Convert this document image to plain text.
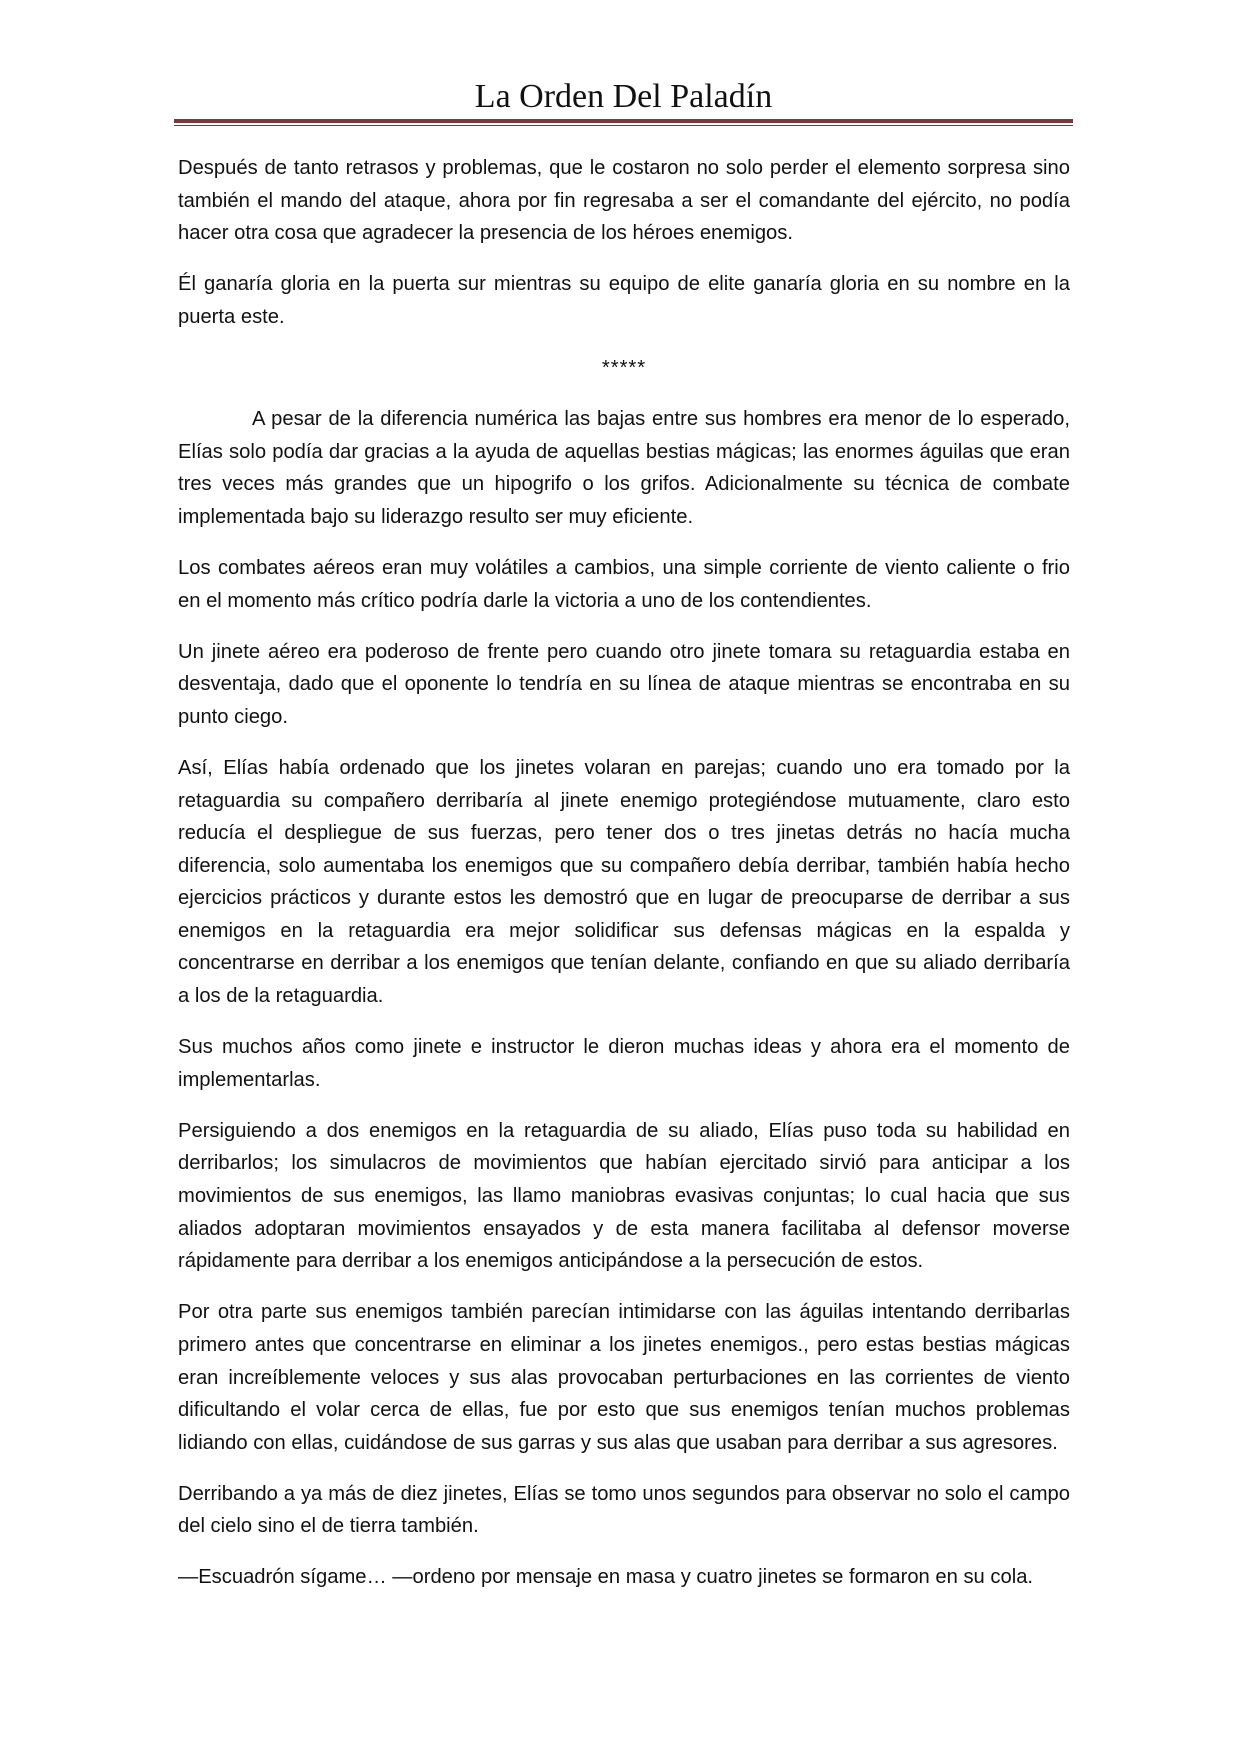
La Orden Del Paladín

Después de tanto retrasos y problemas, que le costaron no solo perder el elemento sorpresa sino también el mando del ataque, ahora por fin regresaba a ser el comandante del ejército, no podía hacer otra cosa que agradecer la presencia de los héroes enemigos.

Él ganaría gloria en la puerta sur mientras su equipo de elite ganaría gloria en su nombre en la puerta este.

*****

A pesar de la diferencia numérica las bajas entre sus hombres era menor de lo esperado, Elías solo podía dar gracias a la ayuda de aquellas bestias mágicas; las enormes águilas que eran tres veces más grandes que un hipogrifo o los grifos. Adicionalmente su técnica de combate implementada bajo su liderazgo resulto ser muy eficiente.

Los combates aéreos eran muy volátiles a cambios, una simple corriente de viento caliente o frio en el momento más crítico podría darle la victoria a uno de los contendientes.

Un jinete aéreo era poderoso de frente pero cuando otro jinete tomara su retaguardia estaba en desventaja, dado que el oponente lo tendría en su línea de ataque mientras se encontraba en su punto ciego.

Así, Elías había ordenado que los jinetes volaran en parejas; cuando uno era tomado por la retaguardia su compañero derribaría al jinete enemigo protegiéndose mutuamente, claro esto reducía el despliegue de sus fuerzas, pero tener dos o tres jinetas detrás no hacía mucha diferencia, solo aumentaba los enemigos que su compañero debía derribar, también había hecho ejercicios prácticos y durante estos les demostró que en lugar de preocuparse de derribar a sus enemigos en la retaguardia era mejor solidificar sus defensas mágicas en la espalda y concentrarse en derribar a los enemigos que tenían delante, confiando en que su aliado derribaría a los de la retaguardia.

Sus muchos años como jinete e instructor le dieron muchas ideas y ahora era el momento de implementarlas.

Persiguiendo a dos enemigos en la retaguardia de su aliado, Elías puso toda su habilidad en derribarlos; los simulacros de movimientos que habían ejercitado sirvió para anticipar a los movimientos de sus enemigos, las llamo maniobras evasivas conjuntas; lo cual hacia que sus aliados adoptaran movimientos ensayados y de esta manera facilitaba al defensor moverse rápidamente para derribar a los enemigos anticipándose a la persecución de estos.

Por otra parte sus enemigos también parecían intimidarse con las águilas intentando derribarlas primero antes que concentrarse en eliminar a los jinetes enemigos., pero estas bestias mágicas eran increíblemente veloces y sus alas provocaban perturbaciones en las corrientes de viento dificultando el volar cerca de ellas, fue por esto que sus enemigos tenían muchos problemas lidiando con ellas, cuidándose de sus garras y sus alas que usaban para derribar a sus agresores.

Derribando a ya más de diez jinetes, Elías se tomo unos segundos para observar no solo el campo del cielo sino el de tierra también.

—Escuadrón sígame… —ordeno por mensaje en masa y cuatro jinetes se formaron en su cola.
